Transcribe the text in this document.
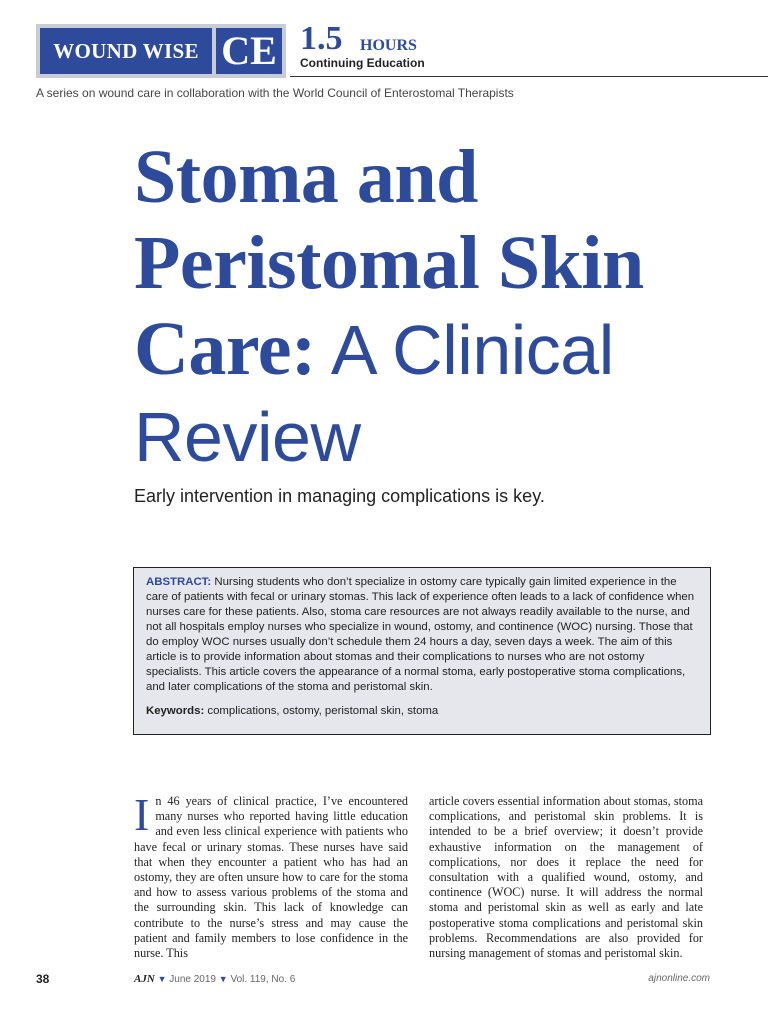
WOUND WISE CE 1.5 HOURS
Continuing Education
A series on wound care in collaboration with the World Council of Enterostomal Therapists
Stoma and
Peristomal Skin
Care: A Clinical
Review
Early intervention in managing complications is key.

ABSTRACT: Nursing students who don’t specialize in ostomy care typically gain limited experience in the care of patients with fecal or urinary stomas. This lack of experience often leads to a lack of confidence when nurses care for these patients. Also, stoma care resources are not always readily available to the nurse, and not all hospitals employ nurses who specialize in wound, ostomy, and continence (WOC) nursing. Those that do employ WOC nurses usually don’t schedule them 24 hours a day, seven days a week. The aim of this article is to provide information about stomas and their complications to nurses who are not ostomy specialists. This article covers the appearance of a normal stoma, early postoperative stoma complications, and later complications of the stoma and peristomal skin.

Keywords: complications, ostomy, peristomal skin, stoma

In 46 years of clinical practice, I’ve encountered many nurses who reported having little education and even less clinical experience with patients who have fecal or urinary stomas. These nurses have said that when they encounter a patient who has had an ostomy, they are often unsure how to care for the stoma and how to assess various problems of the stoma and the surrounding skin. This lack of knowledge can contribute to the nurse’s stress and may cause the patient and family members to lose confidence in the nurse. This

article covers essential information about stomas, stoma complications, and peristomal skin problems. It is intended to be a brief overview; it doesn’t provide exhaustive information on the management of complications, nor does it replace the need for consultation with a qualified wound, ostomy, and continence (WOC) nurse. It will address the normal stoma and peristomal skin as well as early and late postoperative stoma complications and peristomal skin problems. Recommendations are also provided for nursing management of stomas and peristomal skin.

38	AJN ▼ June 2019 ▼ Vol. 119, No. 6	ajnonline.com
